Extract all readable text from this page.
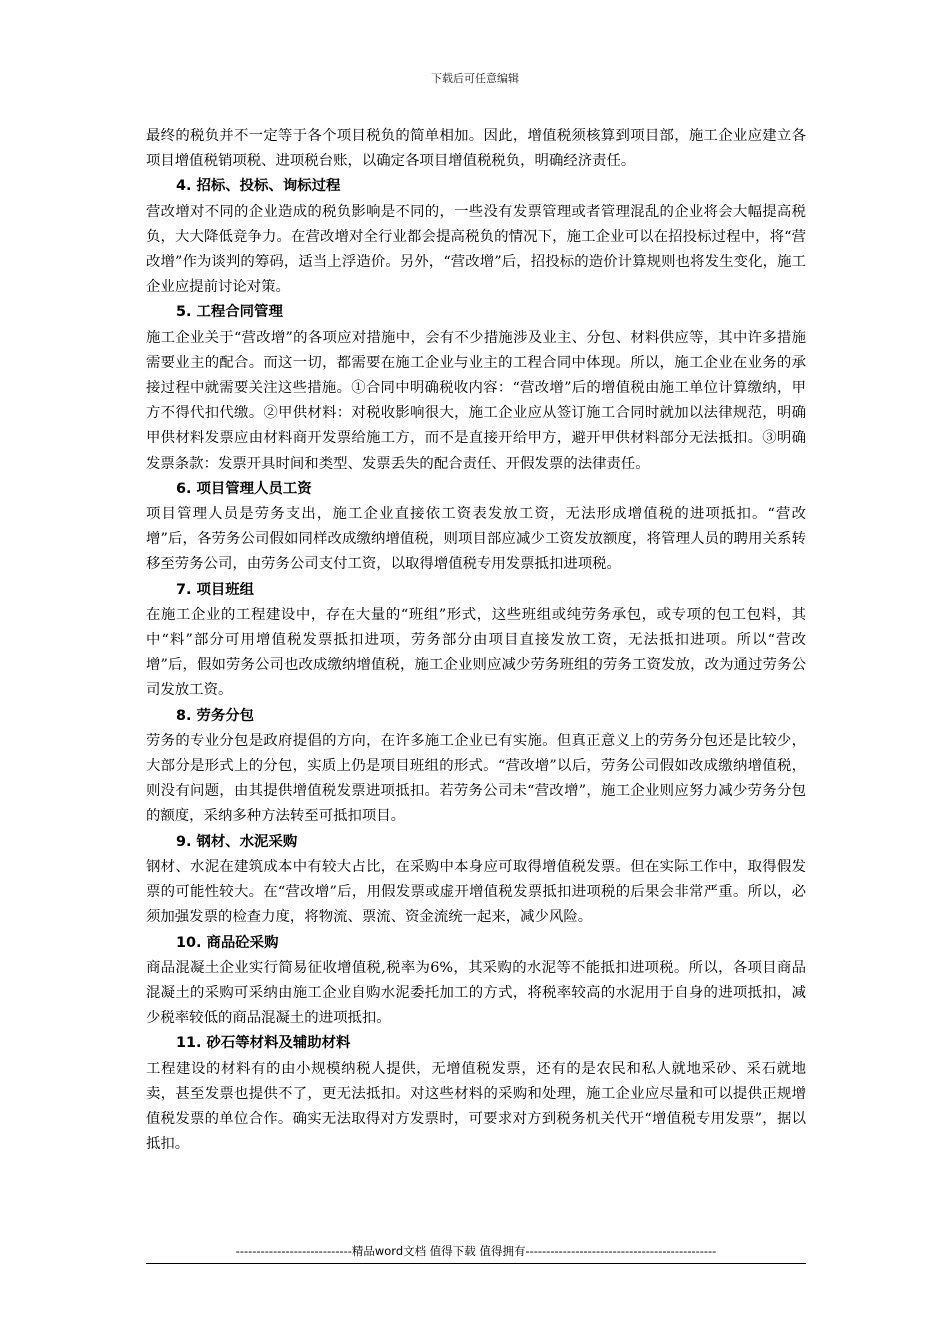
下载后可任意编辑

最终的税负并不一定等于各个项目税负的简单相加。因此，增值税须核算到项目部，施工企业应建立各项目增值税销项税、进项税台账，以确定各项目增值税税负，明确经济责任。

4. 招标、投标、询标过程

营改增对不同的企业造成的税负影响是不同的，一些没有发票管理或者管理混乱的企业将会大幅提高税负，大大降低竞争力。在营改增对全行业都会提高税负的情况下，施工企业可以在招投标过程中，将“营改增”作为谈判的筹码，适当上浮造价。另外，“营改增”后，招投标的造价计算规则也将发生变化，施工企业应提前讨论对策。

5. 工程合同管理

施工企业关于“营改增”的各项应对措施中，会有不少措施涉及业主、分包、材料供应等，其中许多措施需要业主的配合。而这一切，都需要在施工企业与业主的工程合同中体现。所以，施工企业在业务的承接过程中就需要关注这些措施。①合同中明确税收内容：“营改增”后的增值税由施工单位计算缴纳，甲方不得代扣代缴。②甲供材料：对税收影响很大，施工企业应从签订施工合同时就加以法律规范，明确甲供材料发票应由材料商开发票给施工方，而不是直接开给甲方，避开甲供材料部分无法抵扣。③明确发票条款：发票开具时间和类型、发票丢失的配合责任、开假发票的法律责任。

6. 项目管理人员工资

项目管理人员是劳务支出，施工企业直接依工资表发放工资，无法形成增值税的进项抵扣。“营改增”后，各劳务公司假如同样改成缴纳增值税，则项目部应减少工资发放额度，将管理人员的聘用关系转移至劳务公司，由劳务公司支付工资，以取得增值税专用发票抵扣进项税。

7. 项目班组

在施工企业的工程建设中，存在大量的“班组”形式，这些班组或纯劳务承包，或专项的包工包料，其中“料”部分可用增值税发票抵扣进项，劳务部分由项目直接发放工资，无法抵扣进项。所以“营改增”后，假如劳务公司也改成缴纳增值税，施工企业则应减少劳务班组的劳务工资发放，改为通过劳务公司发放工资。

8. 劳务分包

劳务的专业分包是政府提倡的方向，在许多施工企业已有实施。但真正意义上的劳务分包还是比较少，大部分是形式上的分包，实质上仍是项目班组的形式。“营改增”以后，劳务公司假如改成缴纳增值税，则没有问题，由其提供增值税发票进项抵扣。若劳务公司未“营改增”，施工企业则应努力减少劳务分包的额度，采纳多种方法转至可抵扣项目。

9. 钢材、水泥采购

钢材、水泥在建筑成本中有较大占比，在采购中本身应可取得增值税发票。但在实际工作中，取得假发票的可能性较大。在“营改增”后，用假发票或虚开增值税发票抵扣进项税的后果会非常严重。所以，必须加强发票的检查力度，将物流、票流、资金流统一起来，减少风险。

10. 商品砼采购

商品混凝土企业实行简易征收增值税,税率为6%，其采购的水泥等不能抵扣进项税。所以，各项目商品混凝土的采购可采纳由施工企业自购水泥委托加工的方式，将税率较高的水泥用于自身的进项抵扣，减少税率较低的商品混凝土的进项抵扣。

11. 砂石等材料及辅助材料

工程建设的材料有的由小规模纳税人提供，无增值税发票，还有的是农民和私人就地采砂、采石就地卖，甚至发票也提供不了，更无法抵扣。对这些材料的采购和处理，施工企业应尽量和可以提供正规增值税发票的单位合作。确实无法取得对方发票时，可要求对方到税务机关代开“增值税专用发票”，据以抵扣。

----------------------------精品word文档 值得下载 值得拥有----------------------------------------------
